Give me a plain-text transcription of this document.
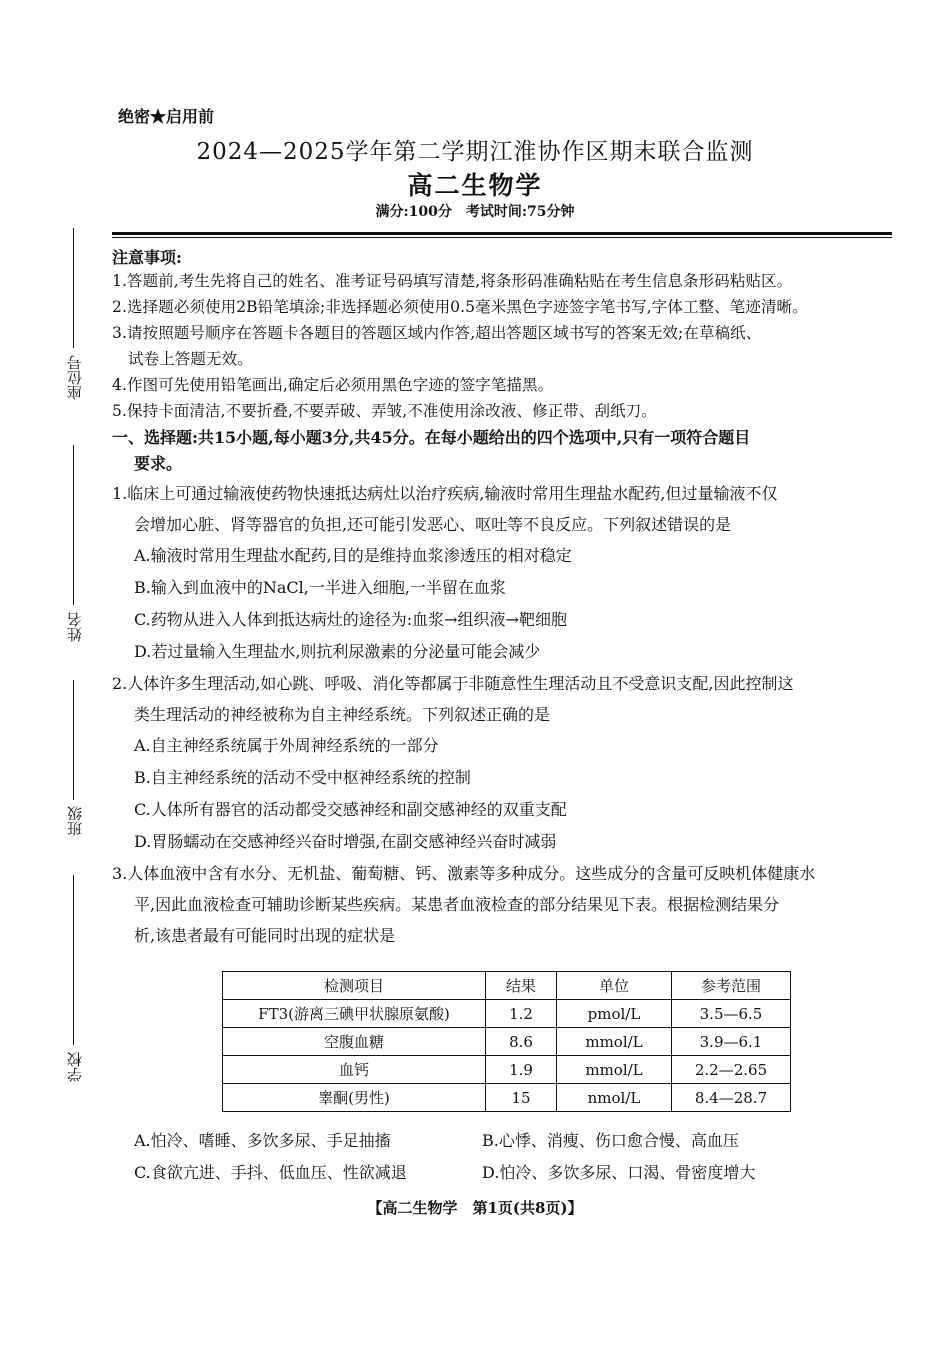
绝密★启用前
2024—2025学年第二学期江淮协作区期末联合监测
高二生物学
满分:100分　考试时间:75分钟
座位号
姓名
班级
学校
注意事项:
1.答题前,考生先将自己的姓名、准考证号码填写清楚,将条形码准确粘贴在考生信息条形码粘贴区。
2.选择题必须使用2B铅笔填涂;非选择题必须使用0.5毫米黑色字迹签字笔书写,字体工整、笔迹清晰。
3.请按照题号顺序在答题卡各题目的答题区域内作答,超出答题区域书写的答案无效;在草稿纸、
试卷上答题无效。
4.作图可先使用铅笔画出,确定后必须用黑色字迹的签字笔描黑。
5.保持卡面清洁,不要折叠,不要弄破、弄皱,不准使用涂改液、修正带、刮纸刀。
一、选择题:共15小题,每小题3分,共45分。在每小题给出的四个选项中,只有一项符合题目
要求。
1.临床上可通过输液使药物快速抵达病灶以治疗疾病,输液时常用生理盐水配药,但过量输液不仅
会增加心脏、肾等器官的负担,还可能引发恶心、呕吐等不良反应。下列叙述错误的是
A.输液时常用生理盐水配药,目的是维持血浆渗透压的相对稳定
B.输入到血液中的NaCl,一半进入细胞,一半留在血浆
C.药物从进入人体到抵达病灶的途径为:血浆→组织液→靶细胞
D.若过量输入生理盐水,则抗利尿激素的分泌量可能会减少
2.人体许多生理活动,如心跳、呼吸、消化等都属于非随意性生理活动且不受意识支配,因此控制这
类生理活动的神经被称为自主神经系统。下列叙述正确的是
A.自主神经系统属于外周神经系统的一部分
B.自主神经系统的活动不受中枢神经系统的控制
C.人体所有器官的活动都受交感神经和副交感神经的双重支配
D.胃肠蠕动在交感神经兴奋时增强,在副交感神经兴奋时减弱
3.人体血液中含有水分、无机盐、葡萄糖、钙、激素等多种成分。这些成分的含量可反映机体健康水
平,因此血液检查可辅助诊断某些疾病。某患者血液检查的部分结果见下表。根据检测结果分
析,该患者最有可能同时出现的症状是
检测项目	结果	单位	参考范围
FT3(游离三碘甲状腺原氨酸)	1.2	pmol/L	3.5—6.5
空腹血糖	8.6	mmol/L	3.9—6.1
血钙	1.9	mmol/L	2.2—2.65
睾酮(男性)	15	nmol/L	8.4—28.7
A.怕冷、嗜睡、多饮多尿、手足抽搐	B.心悸、消瘦、伤口愈合慢、高血压
C.食欲亢进、手抖、低血压、性欲减退	D.怕冷、多饮多尿、口渴、骨密度增大
【高二生物学　第1页(共8页)】
